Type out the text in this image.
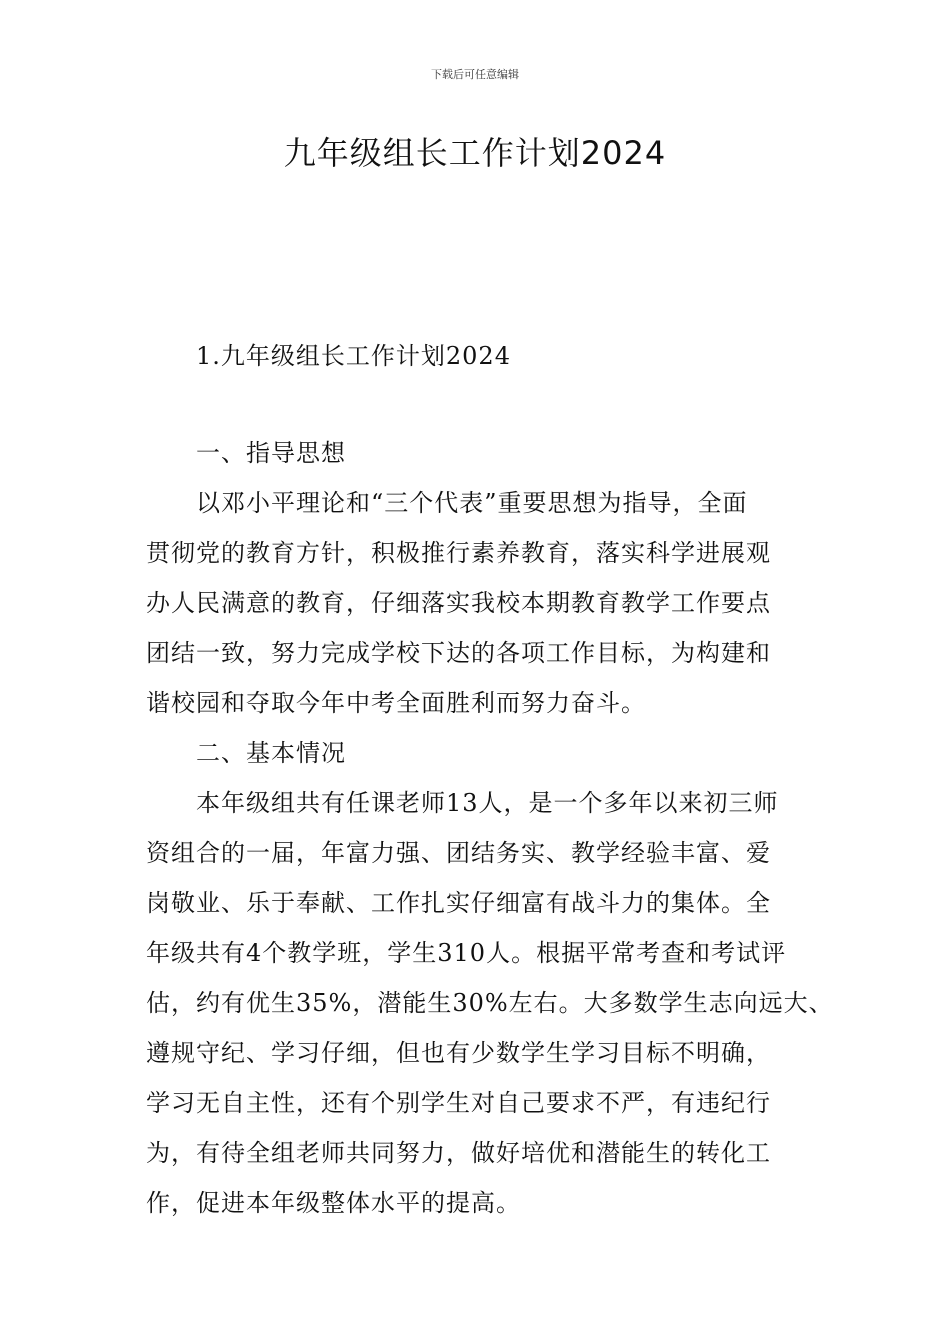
下载后可任意编辑
九年级组长工作计划2024
1.九年级组长工作计划2024
一、指导思想
以邓小平理论和“三个代表”重要思想为指导，全面
贯彻党的教育方针，积极推行素养教育，落实科学进展观
办人民满意的教育，仔细落实我校本期教育教学工作要点
团结一致，努力完成学校下达的各项工作目标，为构建和
谐校园和夺取今年中考全面胜利而努力奋斗。
二、基本情况
本年级组共有任课老师13人，是一个多年以来初三师
资组合的一届，年富力强、团结务实、教学经验丰富、爱
岗敬业、乐于奉献、工作扎实仔细富有战斗力的集体。全
年级共有4个教学班，学生310人。根据平常考查和考试评
估，约有优生35%，潜能生30%左右。大多数学生志向远大、
遵规守纪、学习仔细，但也有少数学生学习目标不明确，
学习无自主性，还有个别学生对自己要求不严，有违纪行
为，有待全组老师共同努力，做好培优和潜能生的转化工
作，促进本年级整体水平的提高。
